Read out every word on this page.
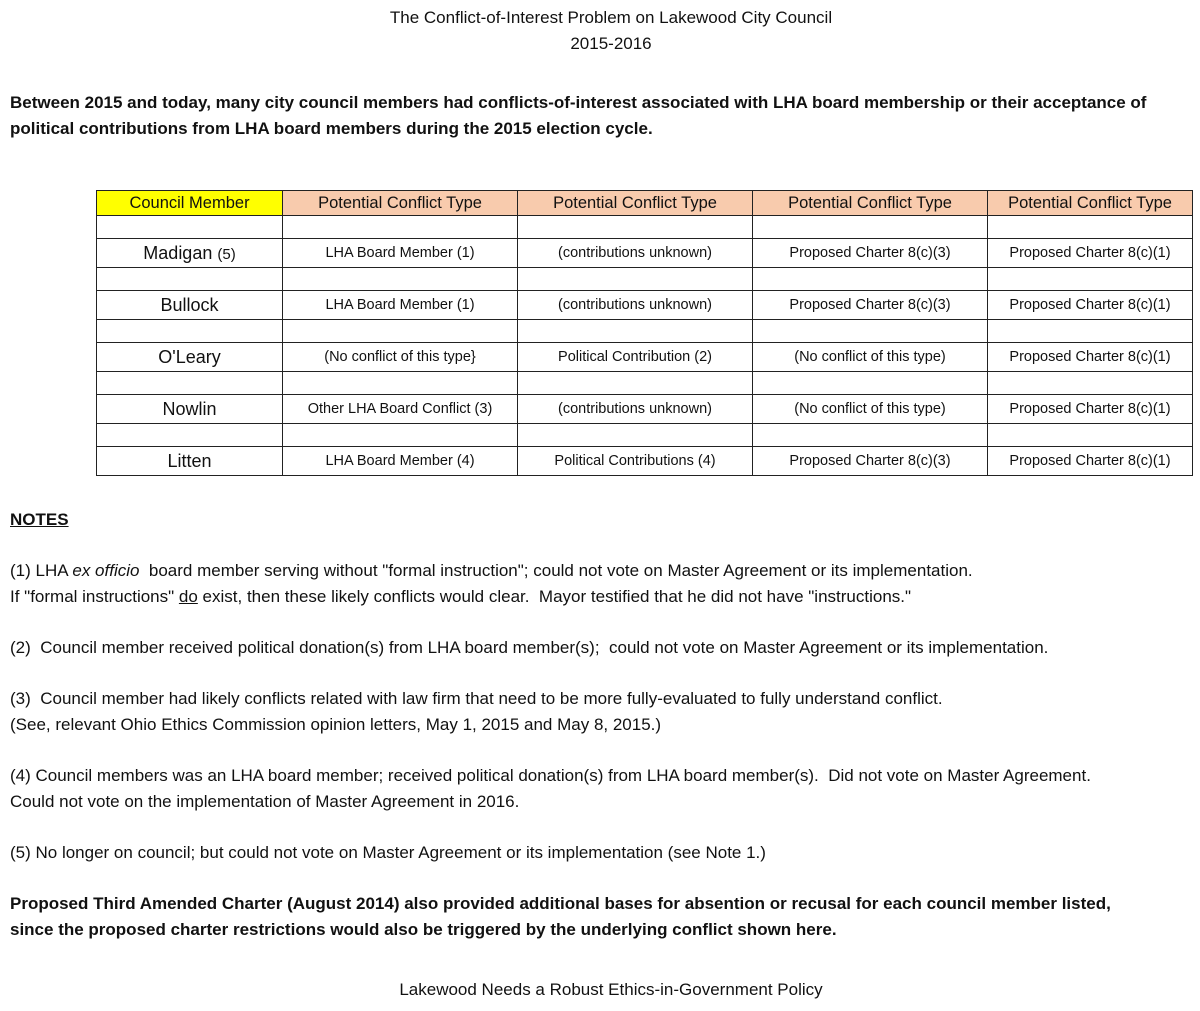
The Conflict-of-Interest Problem on Lakewood City Council
2015-2016
Between 2015 and today, many city council members had conflicts-of-interest associated with LHA board membership or their acceptance of political contributions from LHA board members during the 2015 election cycle.
Council Member	Potential Conflict Type	Potential Conflict Type	Potential Conflict Type	Potential Conflict Type

Madigan (5)	LHA Board Member (1)	(contributions unknown)	Proposed Charter 8(c)(3)	Proposed Charter 8(c)(1)

Bullock	LHA Board Member (1)	(contributions unknown)	Proposed Charter 8(c)(3)	Proposed Charter 8(c)(1)

O'Leary	(No conflict of this type}	Political Contribution (2)	(No conflict of this type)	Proposed Charter 8(c)(1)

Nowlin	Other LHA Board Conflict (3)	(contributions unknown)	(No conflict of this type)	Proposed Charter 8(c)(1)

Litten	LHA Board Member (4)	Political Contributions (4)	Proposed Charter 8(c)(3)	Proposed Charter 8(c)(1)
NOTES
(1) LHA ex officio  board member serving without "formal instruction"; could not vote on Master Agreement or its implementation.
If "formal instructions" do exist, then these likely conflicts would clear.  Mayor testified that he did not have "instructions."
(2)  Council member received political donation(s) from LHA board member(s);  could not vote on Master Agreement or its implementation.
(3)  Council member had likely conflicts related with law firm that need to be more fully-evaluated to fully understand conflict.
(See, relevant Ohio Ethics Commission opinion letters, May 1, 2015 and May 8, 2015.)
(4) Council members was an LHA board member; received political donation(s) from LHA board member(s).  Did not vote on Master Agreement.
Could not vote on the implementation of Master Agreement in 2016.
(5) No longer on council; but could not vote on Master Agreement or its implementation (see Note 1.)
Proposed Third Amended Charter (August 2014) also provided additional bases for absention or recusal for each council member listed,
since the proposed charter restrictions would also be triggered by the underlying conflict shown here.
Lakewood Needs a Robust Ethics-in-Government Policy
